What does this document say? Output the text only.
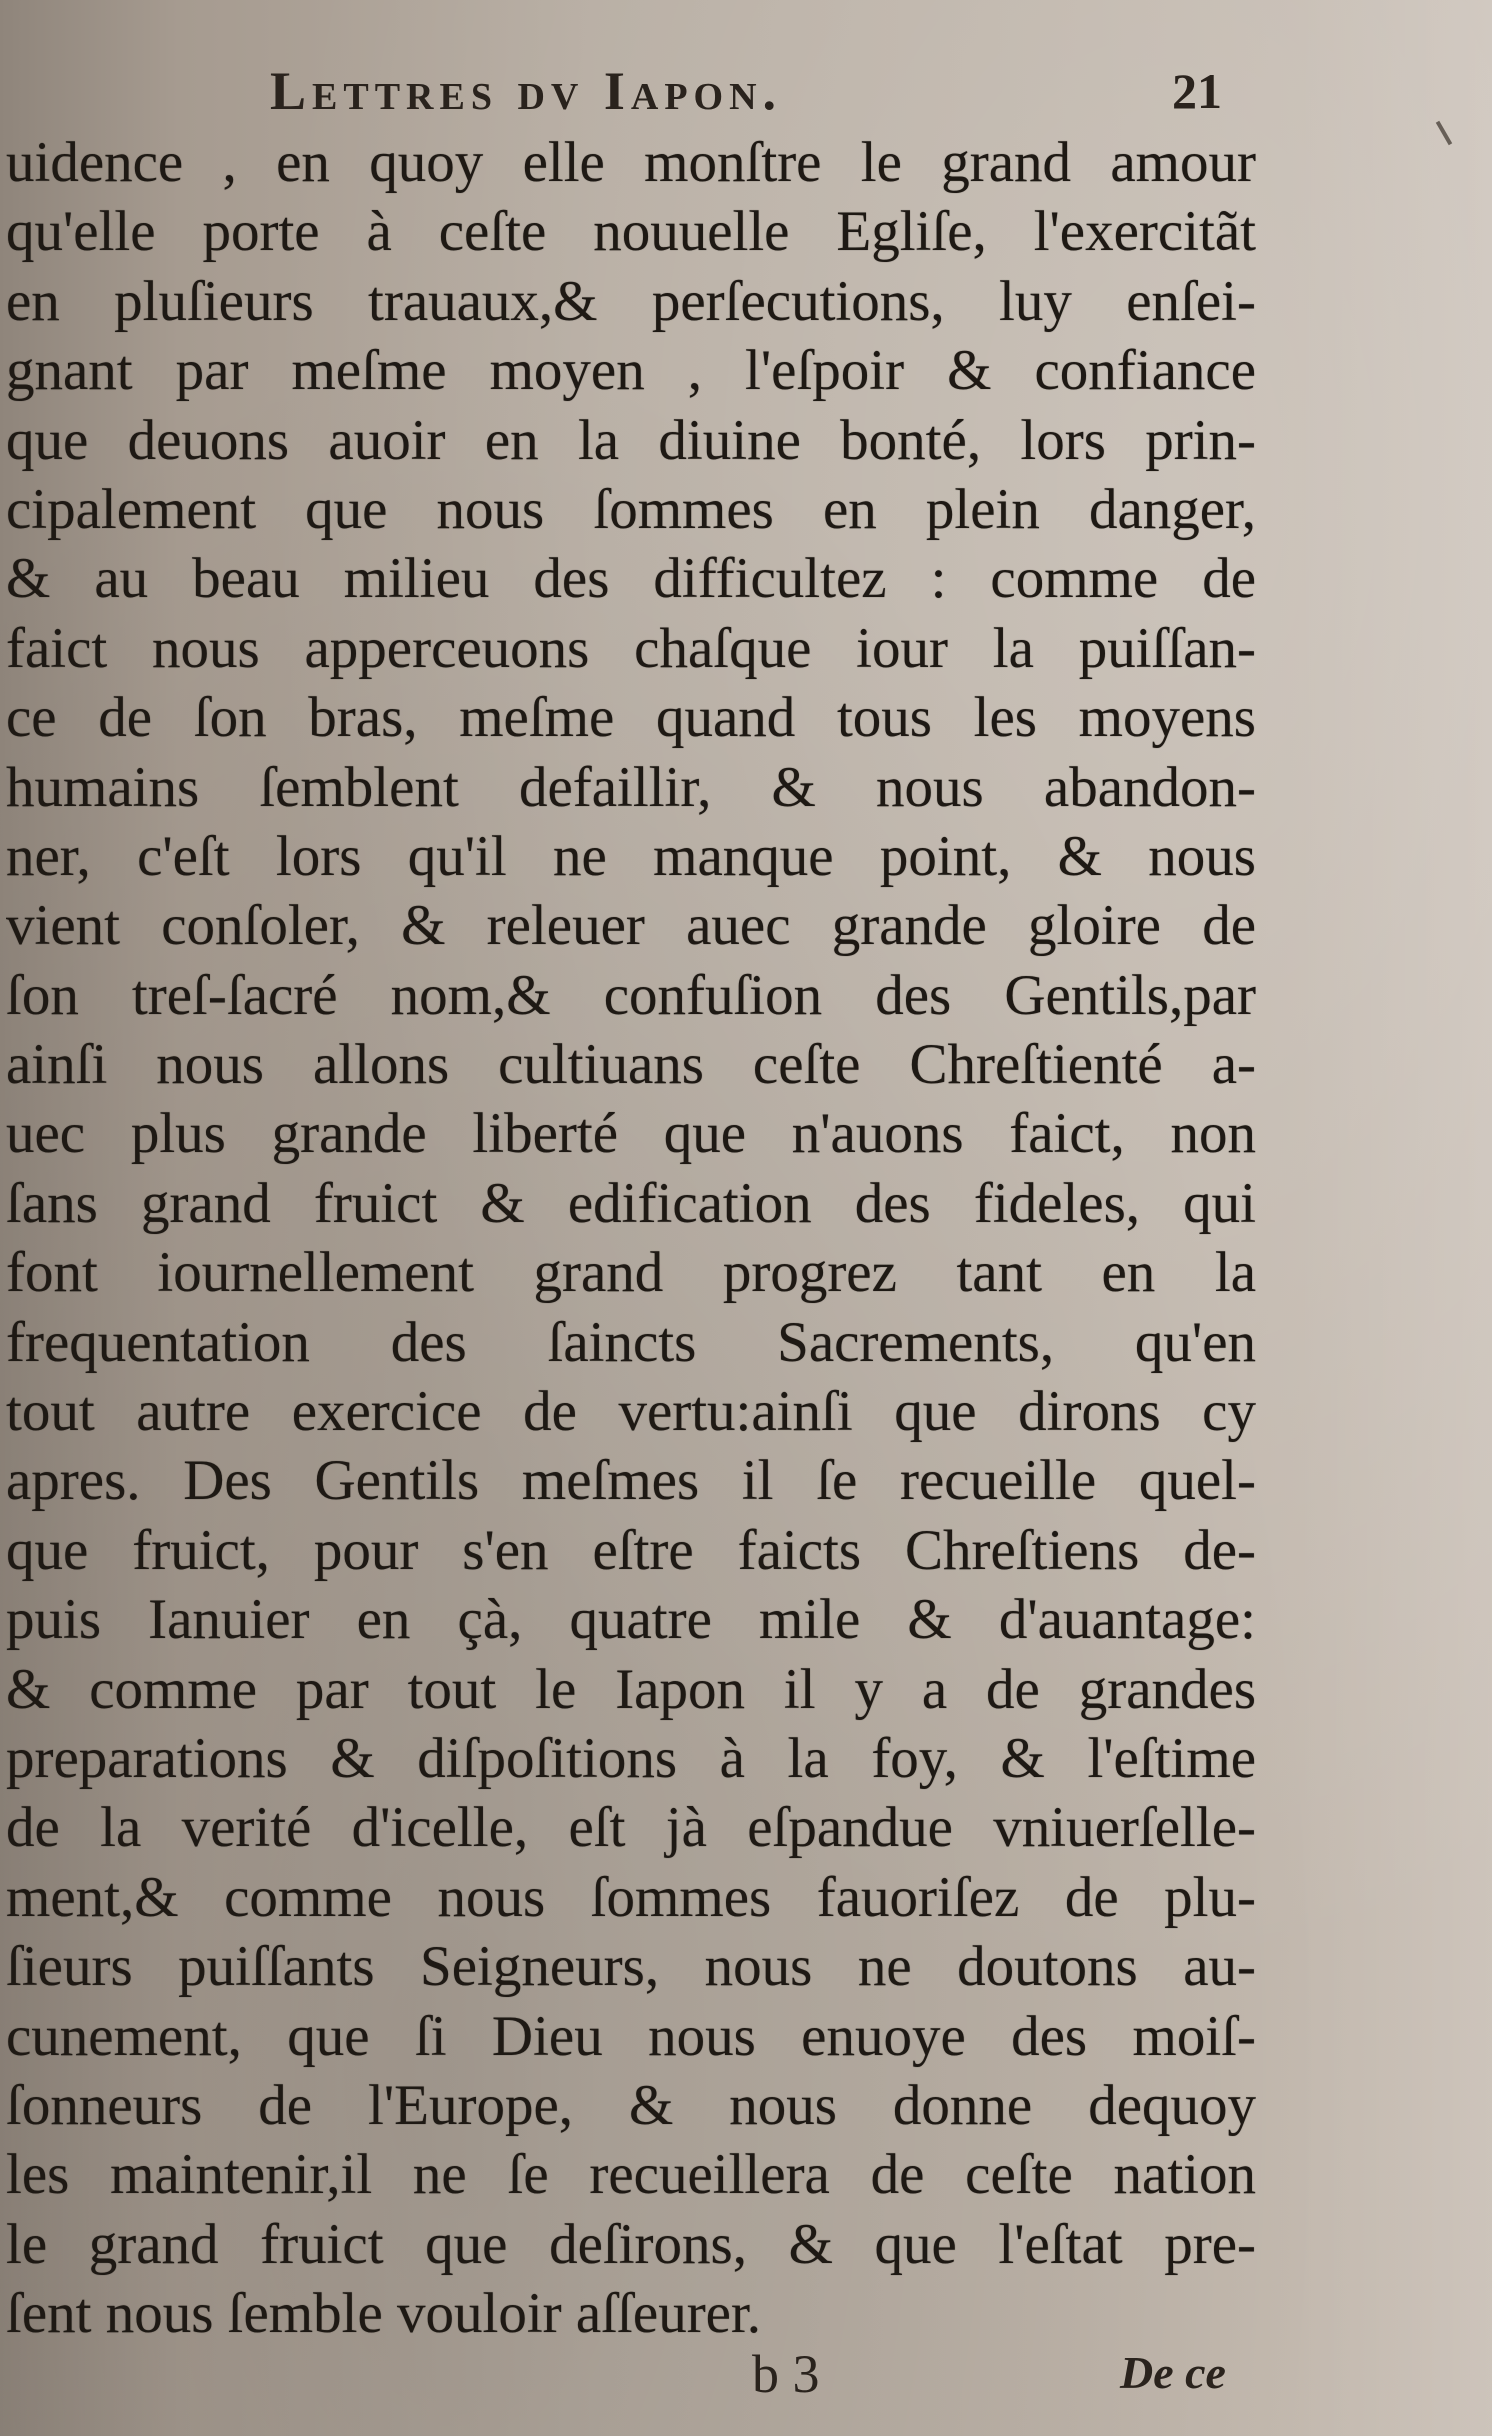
Lettres dv Iapon.	21
uidence , en quoy elle monſtre le grand amour
qu'elle porte à ceſte nouuelle Egliſe, l'exercitãt
en pluſieurs trauaux,& perſecutions, luy enſei-
gnant par meſme moyen , l'eſpoir & confiance
que deuons auoir en la diuine bonté, lors prin-
cipalement que nous ſommes en plein danger,
& au beau milieu des difficultez : comme de
faict nous apperceuons chaſque iour la puiſſan-
ce de ſon bras, meſme quand tous les moyens
humains ſemblent defaillir, & nous abandon-
ner, c'eſt lors qu'il ne manque point, & nous
vient conſoler, & releuer auec grande gloire de
ſon treſ-ſacré nom,& confuſion des Gentils,par
ainſi nous allons cultiuans ceſte Chreſtienté a-
uec plus grande liberté que n'auons faict, non
ſans grand fruict & edification des fideles, qui
font iournellement grand progrez tant en la
frequentation des ſaincts Sacrements, qu'en
tout autre exercice de vertu:ainſi que dirons cy
apres. Des Gentils meſmes il ſe recueille quel-
que fruict, pour s'en eſtre faicts Chreſtiens de-
puis Ianuier en çà, quatre mile & d'auantage:
& comme par tout le Iapon il y a de grandes
preparations & diſpoſitions à la foy, & l'eſtime
de la verité d'icelle, eſt jà eſpandue vniuerſelle-
ment,& comme nous ſommes fauoriſez de plu-
ſieurs puiſſants Seigneurs, nous ne doutons au-
cunement, que ſi Dieu nous enuoye des moiſ-
ſonneurs de l'Europe, & nous donne dequoy
les maintenir,il ne ſe recueillera de ceſte nation
le grand fruict que deſirons, & que l'eſtat pre-
ſent nous ſemble vouloir aſſeurer.
b 3	De ce
